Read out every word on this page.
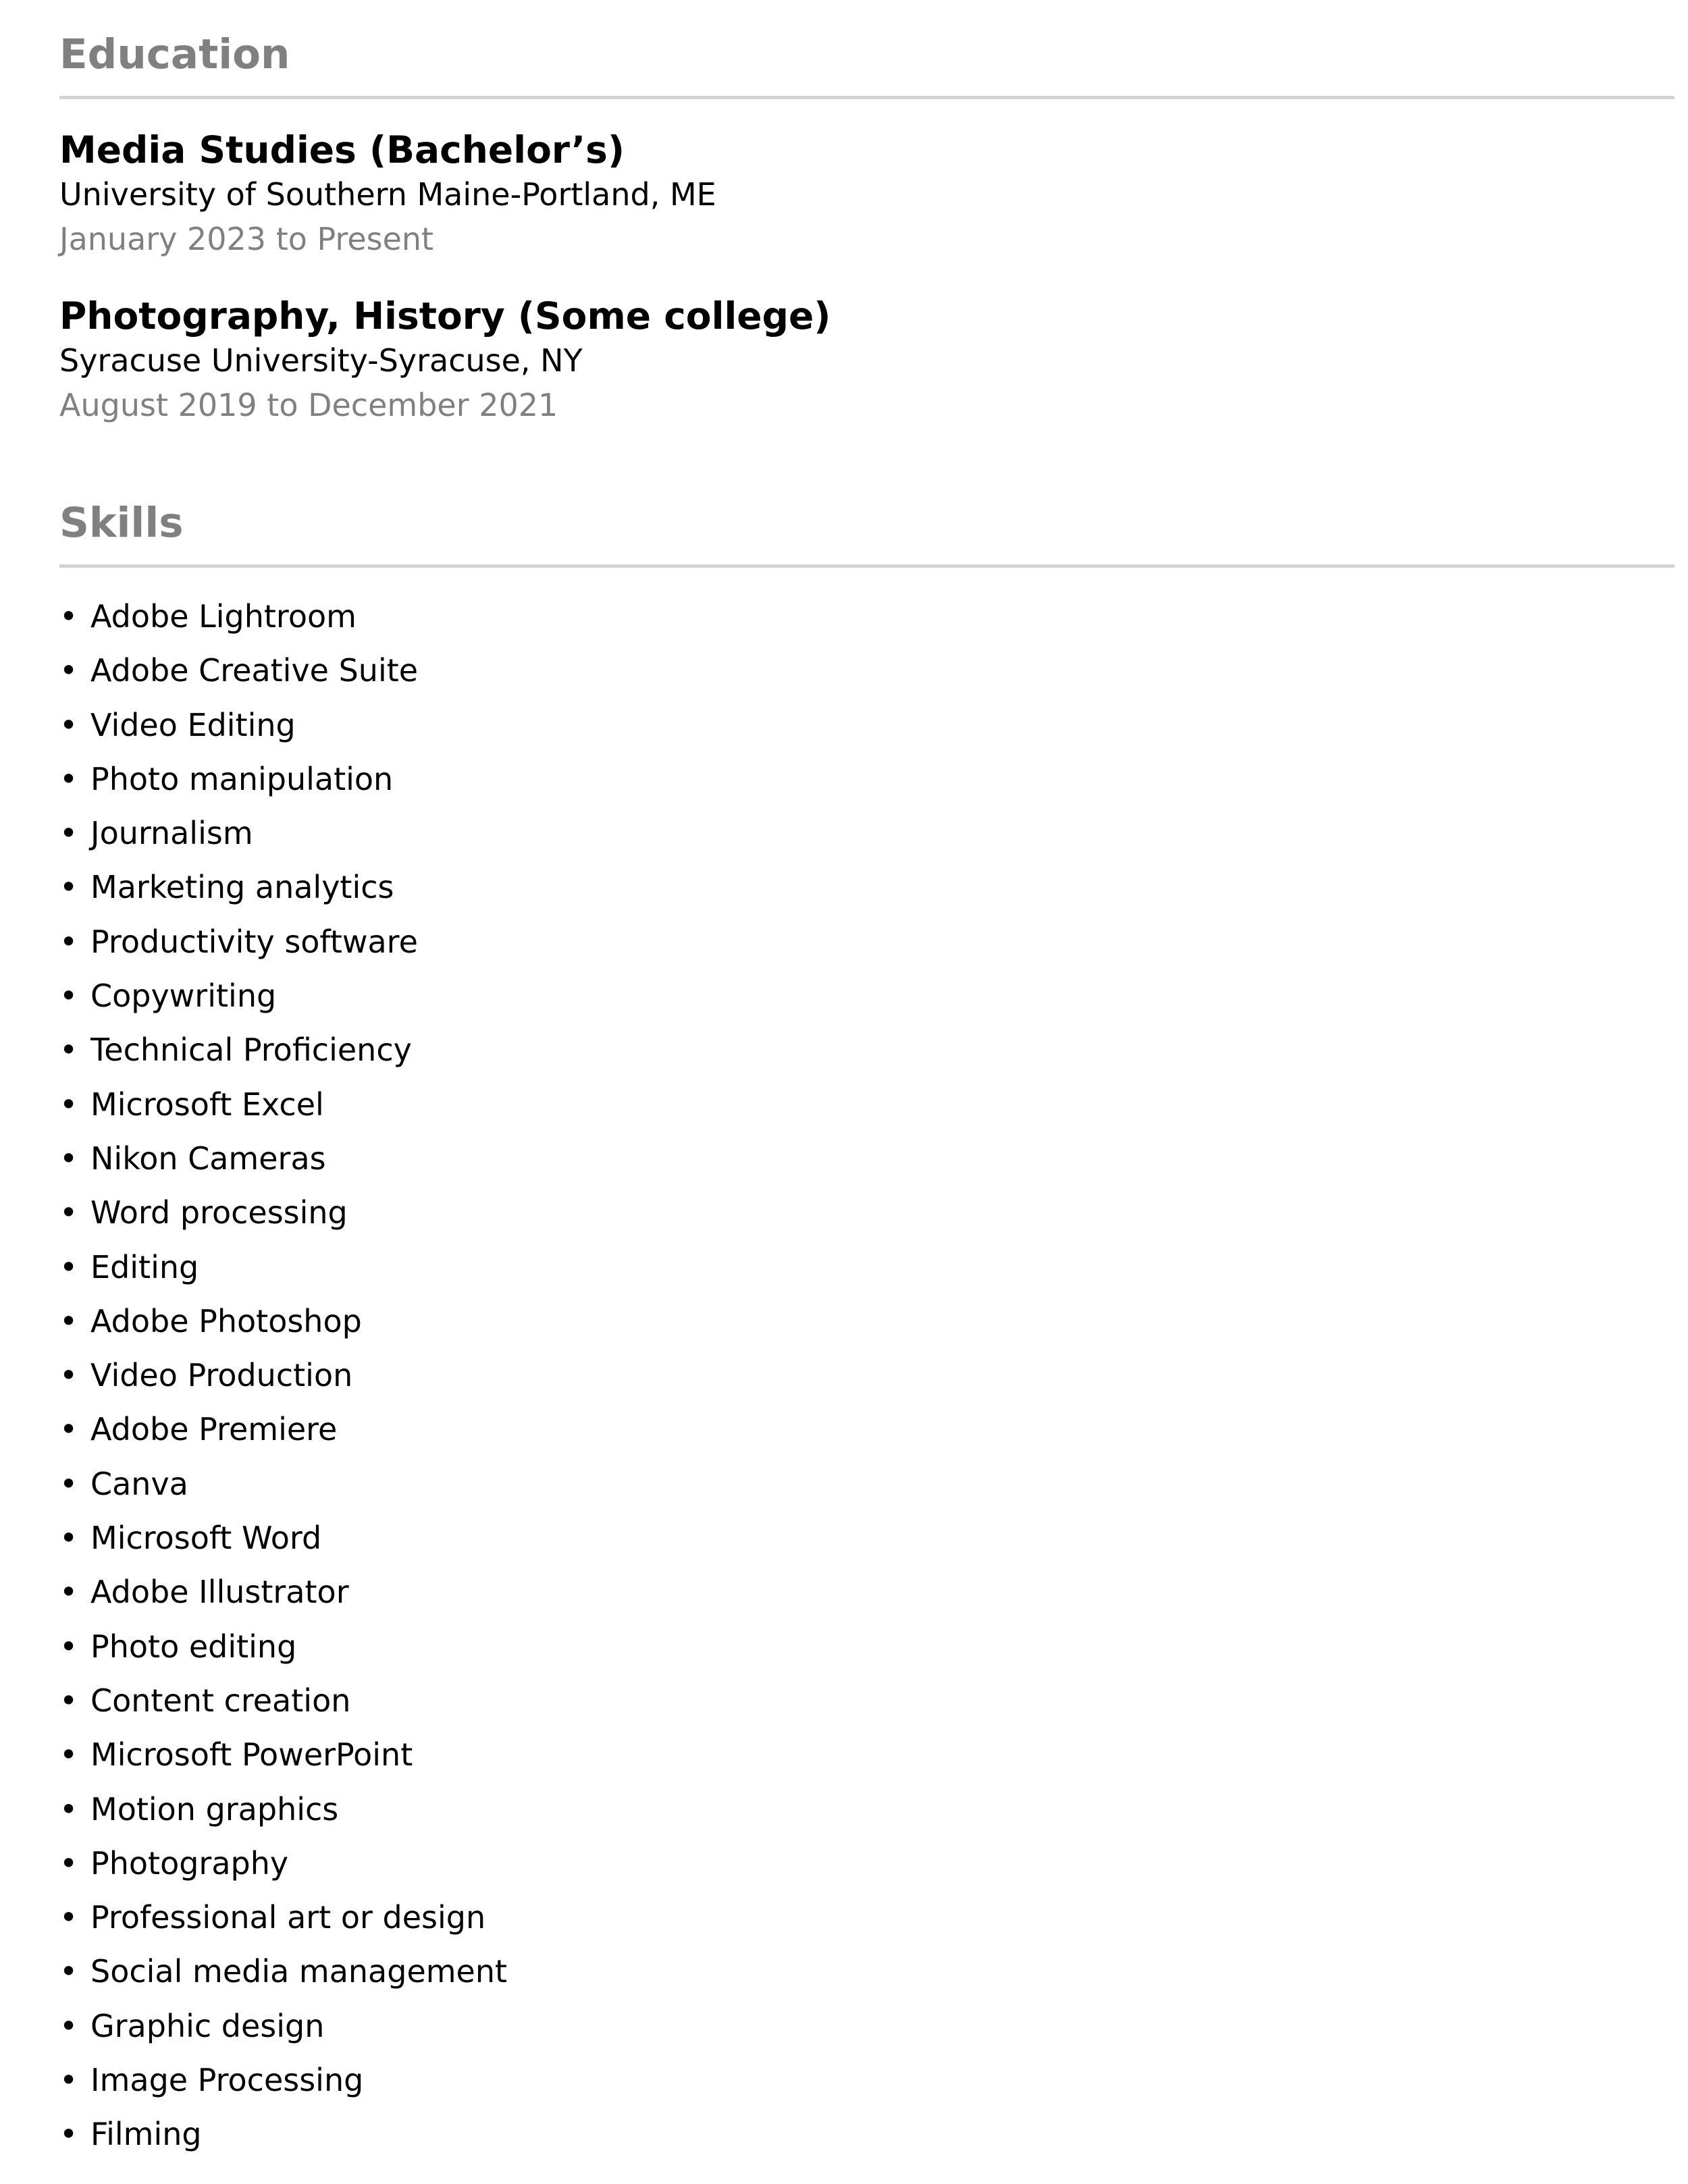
Education
Media Studies (Bachelor’s)
University of Southern Maine-Portland, ME
January 2023 to Present
Photography, History (Some college)
Syracuse University-Syracuse, NY
August 2019 to December 2021
Skills
• Adobe Lightroom
• Adobe Creative Suite
• Video Editing
• Photo manipulation
• Journalism
• Marketing analytics
• Productivity software
• Copywriting
• Technical Proficiency
• Microsoft Excel
• Nikon Cameras
• Word processing
• Editing
• Adobe Photoshop
• Video Production
• Adobe Premiere
• Canva
• Microsoft Word
• Adobe Illustrator
• Photo editing
• Content creation
• Microsoft PowerPoint
• Motion graphics
• Photography
• Professional art or design
• Social media management
• Graphic design
• Image Processing
• Filming
